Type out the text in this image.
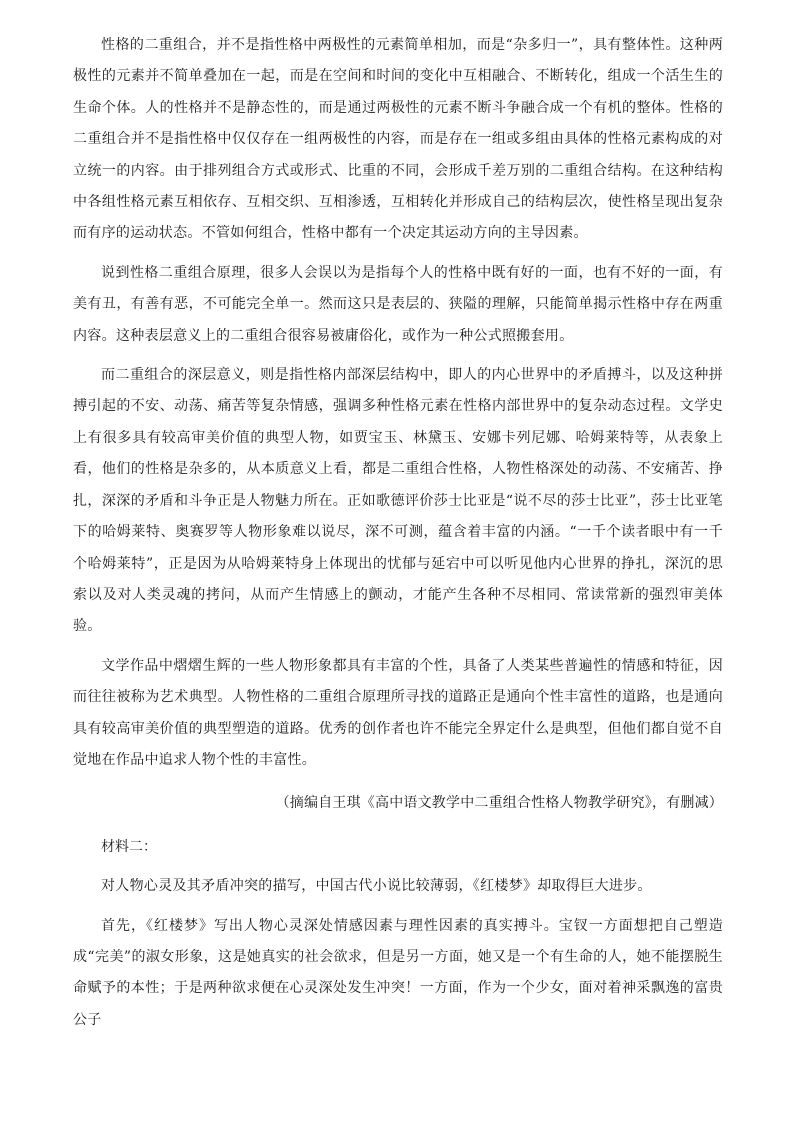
性格的二重组合，并不是指性格中两极性的元素简单相加，而是“杂多归一”，具有整体性。这种两极性的元素并不简单叠加在一起，而是在空间和时间的变化中互相融合、不断转化，组成一个活生生的生命个体。人的性格并不是静态性的，而是通过两极性的元素不断斗争融合成一个有机的整体。性格的二重组合并不是指性格中仅仅存在一组两极性的内容，而是存在一组或多组由具体的性格元素构成的对立统一的内容。由于排列组合方式或形式、比重的不同，会形成千差万别的二重组合结构。在这种结构中各组性格元素互相依存、互相交织、互相渗透，互相转化并形成自己的结构层次，使性格呈现出复杂而有序的运动状态。不管如何组合，性格中都有一个决定其运动方向的主导因素。

说到性格二重组合原理，很多人会误以为是指每个人的性格中既有好的一面，也有不好的一面，有美有丑，有善有恶，不可能完全单一。然而这只是表层的、狭隘的理解，只能简单揭示性格中存在两重内容。这种表层意义上的二重组合很容易被庸俗化，或作为一种公式照搬套用。

而二重组合的深层意义，则是指性格内部深层结构中，即人的内心世界中的矛盾搏斗，以及这种拼搏引起的不安、动荡、痛苦等复杂情感，强调多种性格元素在性格内部世界中的复杂动态过程。文学史上有很多具有较高审美价值的典型人物，如贾宝玉、林黛玉、安娜卡列尼娜、哈姆莱特等，从表象上看，他们的性格是杂多的，从本质意义上看，都是二重组合性格，人物性格深处的动荡、不安痛苦、挣扎，深深的矛盾和斗争正是人物魅力所在。正如歌德评价莎士比亚是“说不尽的莎士比亚”，莎士比亚笔下的哈姆莱特、奥赛罗等人物形象难以说尽，深不可测，蕴含着丰富的内涵。“一千个读者眼中有一千个哈姆莱特”，正是因为从哈姆莱特身上体现出的忧郁与延宕中可以听见他内心世界的挣扎，深沉的思索以及对人类灵魂的拷问，从而产生情感上的颤动，才能产生各种不尽相同、常读常新的强烈审美体验。

文学作品中熠熠生辉的一些人物形象都具有丰富的个性，具备了人类某些普遍性的情感和特征，因而往往被称为艺术典型。人物性格的二重组合原理所寻找的道路正是通向个性丰富性的道路，也是通向具有较高审美价值的典型塑造的道路。优秀的创作者也许不能完全界定什么是典型，但他们都自觉不自觉地在作品中追求人物个性的丰富性。

（摘编自王琪《高中语文教学中二重组合性格人物教学研究》，有删减）

材料二：

对人物心灵及其矛盾冲突的描写，中国古代小说比较薄弱，《红楼梦》却取得巨大进步。

首先，《红楼梦》写出人物心灵深处情感因素与理性因素的真实搏斗。宝钗一方面想把自己塑造成“完美”的淑女形象，这是她真实的社会欲求，但是另一方面，她又是一个有生命的人，她不能摆脱生命赋予的本性；于是两种欲求便在心灵深处发生冲突！一方面，作为一个少女，面对着神采飘逸的富贵公子
